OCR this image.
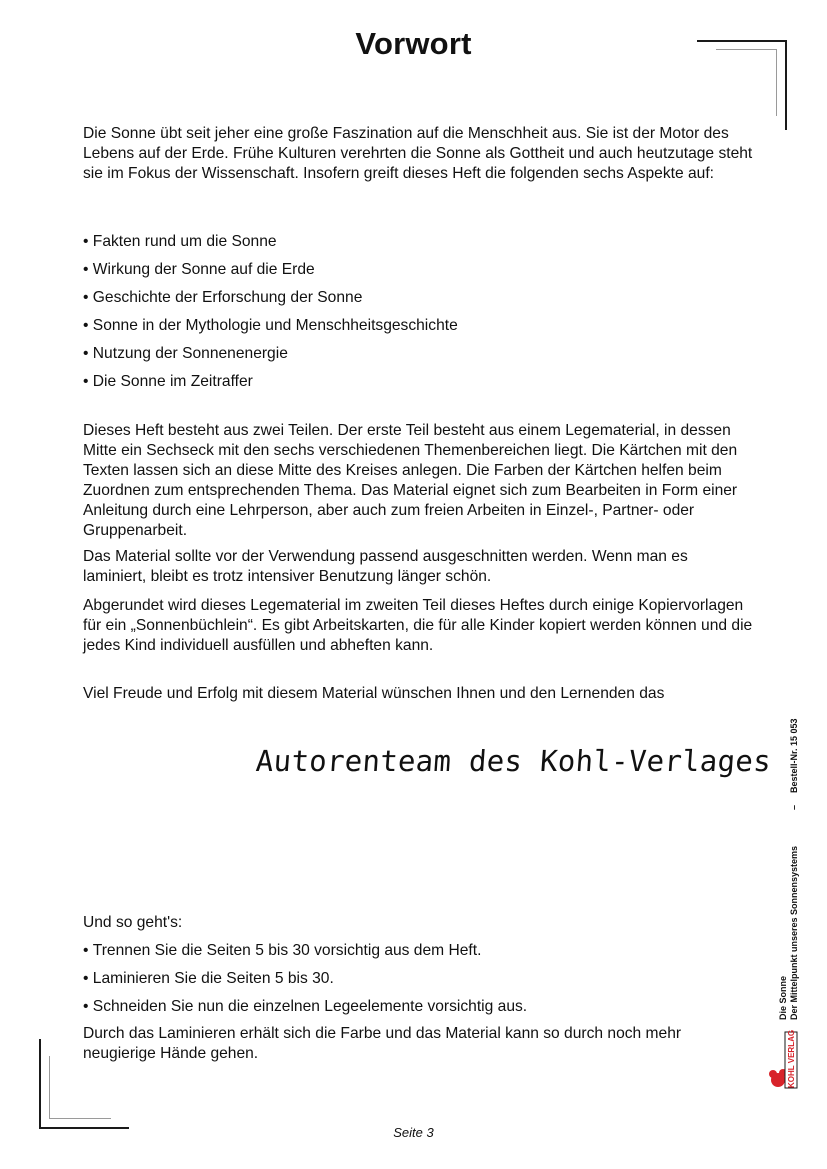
Vorwort

Die Sonne übt seit jeher eine große Faszination auf die Menschheit aus. Sie ist der Motor des Lebens auf der Erde. Frühe Kulturen verehrten die Sonne als Gottheit und auch heutzutage steht sie im Fokus der Wissenschaft. Insofern greift dieses Heft die folgenden sechs Aspekte auf:

• Fakten rund um die Sonne
• Wirkung der Sonne auf die Erde
• Geschichte der Erforschung der Sonne
• Sonne in der Mythologie und Menschheitsgeschichte
• Nutzung der Sonnenenergie
• Die Sonne im Zeitraffer

Dieses Heft besteht aus zwei Teilen. Der erste Teil besteht aus einem Legematerial, in dessen Mitte ein Sechseck mit den sechs verschiedenen Themenbereichen liegt. Die Kärtchen mit den Texten lassen sich an diese Mitte des Kreises anlegen. Die Farben der Kärtchen helfen beim Zuordnen zum entsprechenden Thema. Das Material eignet sich zum Bearbeiten in Form einer Anleitung durch eine Lehrperson, aber auch zum freien Arbeiten in Einzel-, Partner- oder Gruppenarbeit.

Das Material sollte vor der Verwendung passend ausgeschnitten werden. Wenn man es laminiert, bleibt es trotz intensiver Benutzung länger schön.

Abgerundet wird dieses Legematerial im zweiten Teil dieses Heftes durch einige Kopiervorlagen für ein „Sonnenbüchlein“. Es gibt Arbeitskarten, die für alle Kinder kopiert werden können und die jedes Kind individuell ausfüllen und abheften kann.

Viel Freude und Erfolg mit diesem Material wünschen Ihnen und den Lernenden das

Autorenteam des Kohl-Verlages

Und so geht's:

• Trennen Sie die Seiten 5 bis 30 vorsichtig aus dem Heft.
• Laminieren Sie die Seiten 5 bis 30.
• Schneiden Sie nun die einzelnen Legeelemente vorsichtig aus.

Durch das Laminieren erhält sich die Farbe und das Material kann so durch noch mehr neugierige Hände gehen.

Die Sonne Der Mittelpunkt unseres Sonnensystems
–
Bestell-Nr. 15 053
KOHL VERLAG
Seite 3
